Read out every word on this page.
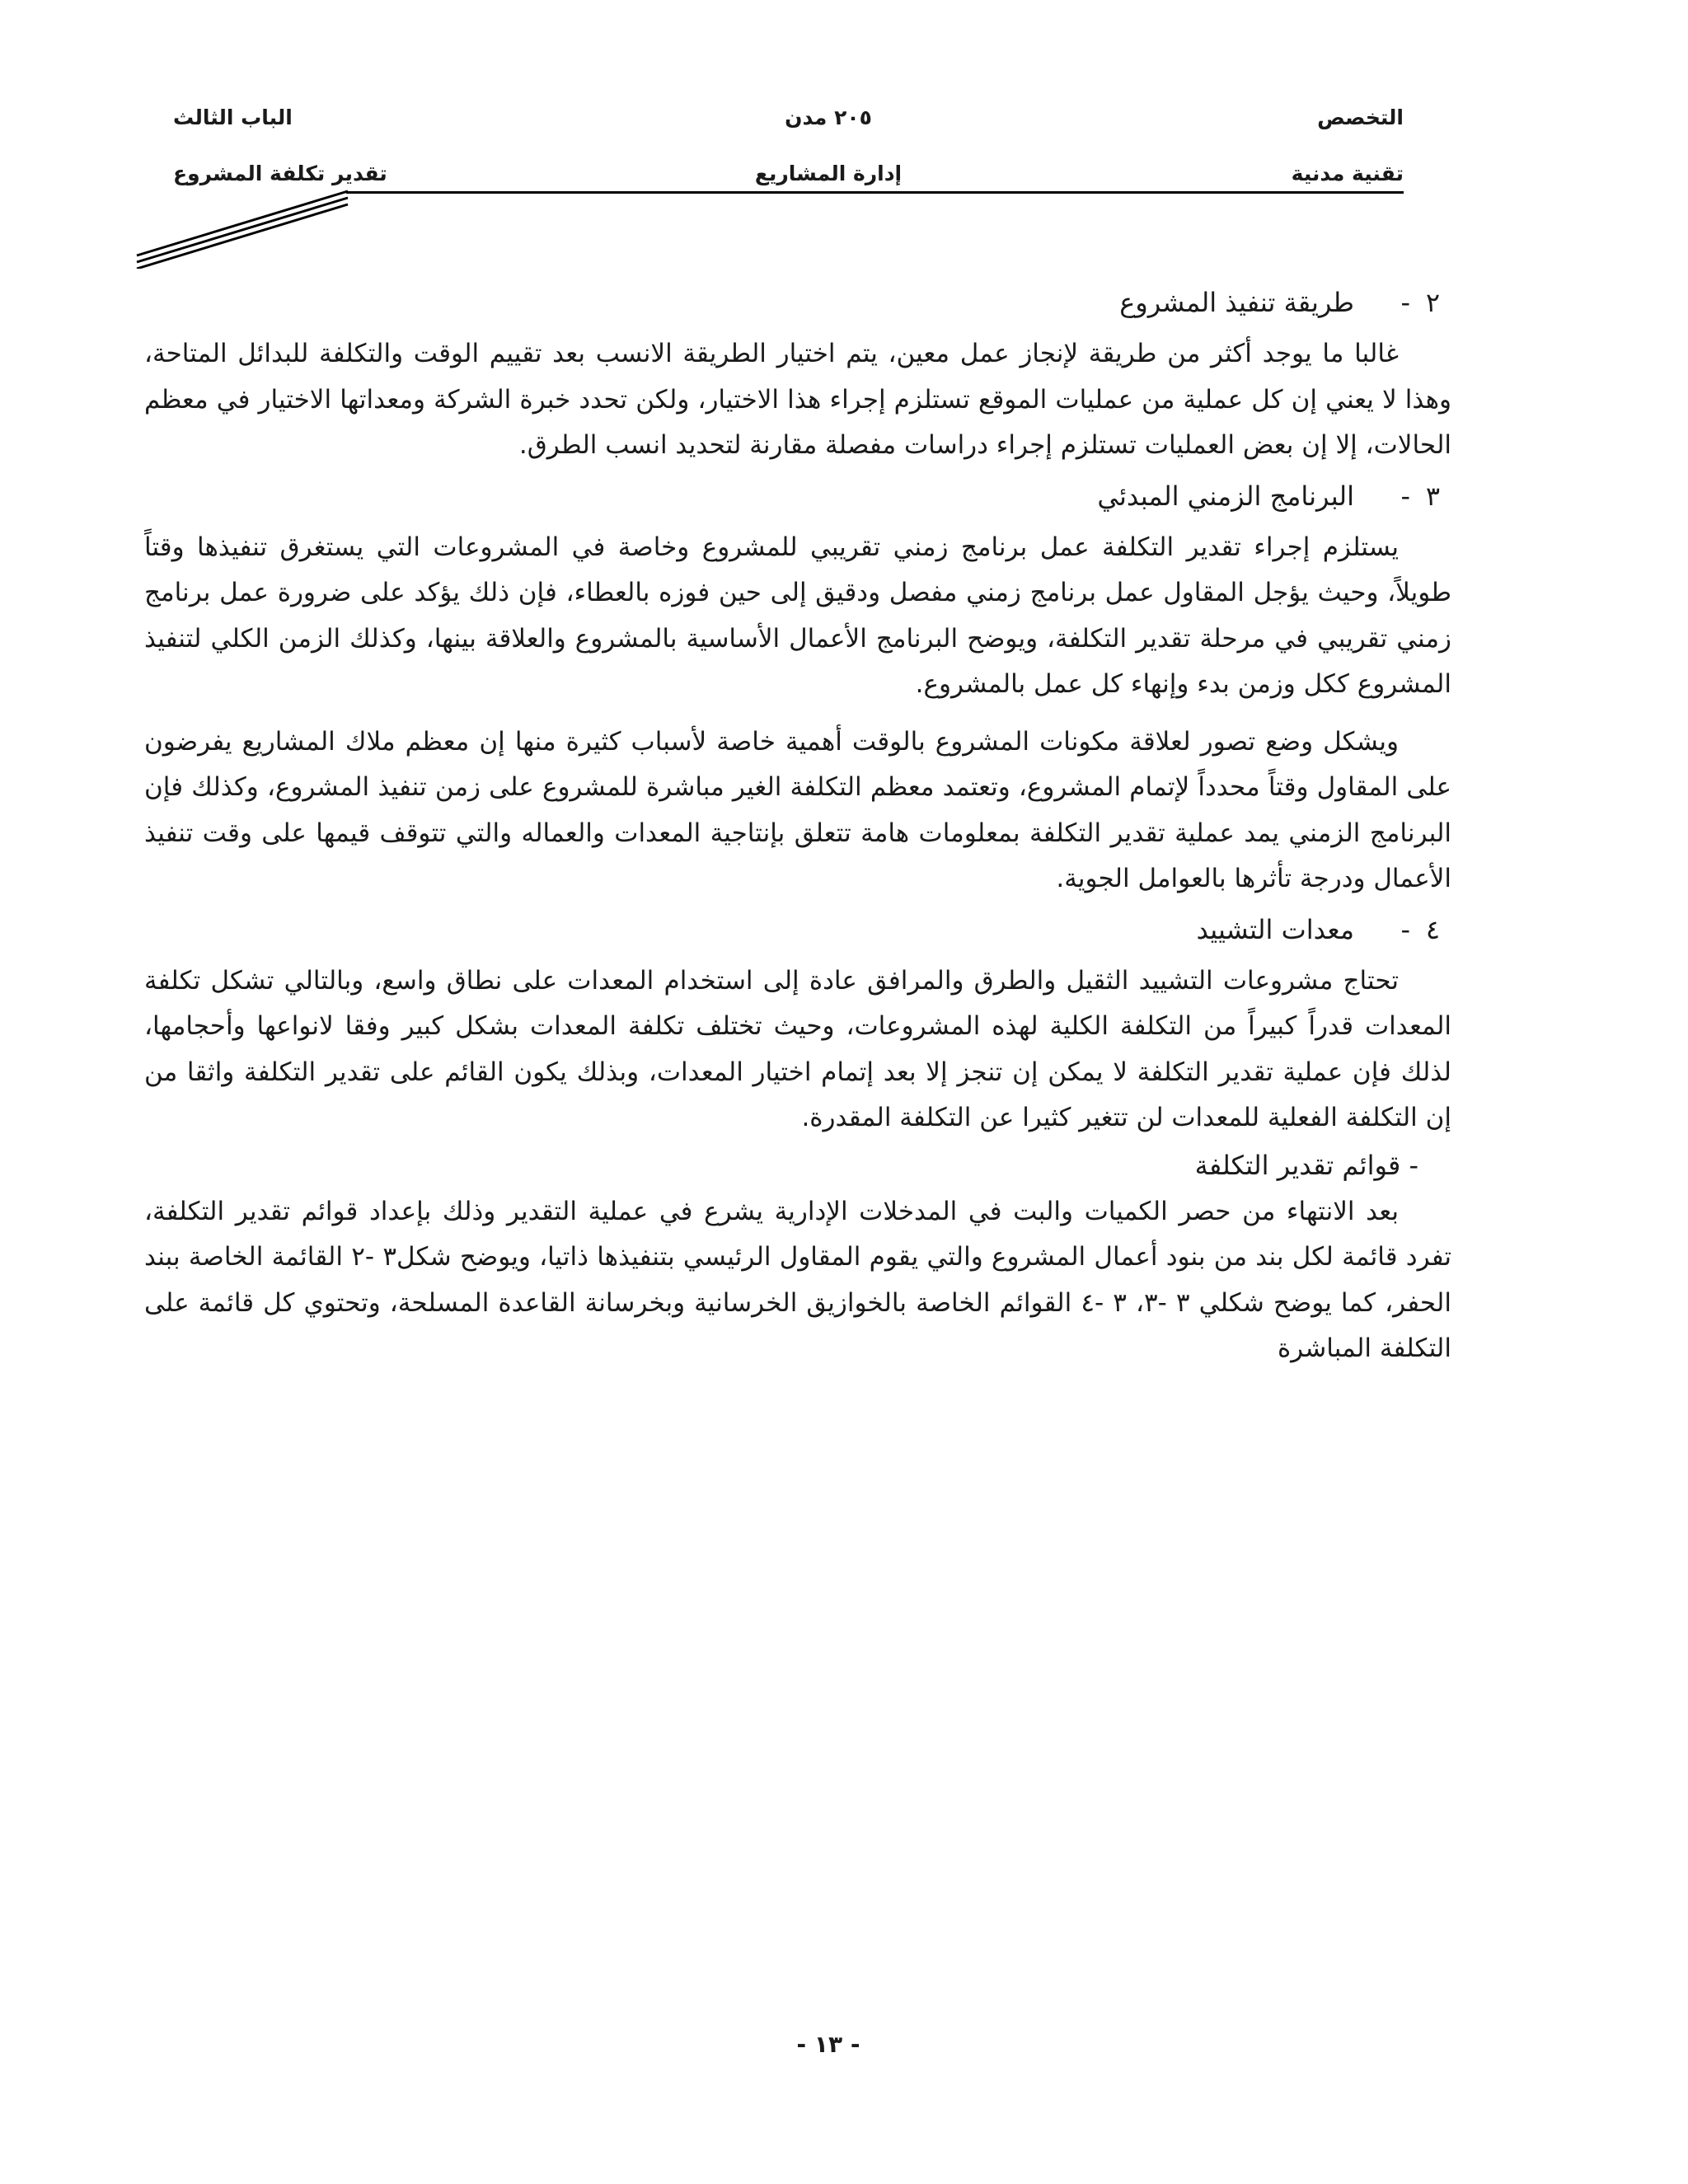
التخصص
٢٠٥ مدن
الباب الثالث
تقنية مدنية
إدارة المشاريع
تقدير تكلفة المشروع
٢
-
طريقة تنفيذ المشروع

غالبا ما يوجد أكثر من طريقة لإنجاز عمل معين، يتم اختيار الطريقة الانسب بعد تقييم الوقت والتكلفة للبدائل المتاحة، وهذا لا يعني إن كل عملية من عمليات الموقع تستلزم إجراء هذا الاختيار، ولكن تحدد خبرة الشركة ومعداتها الاختيار في معظم الحالات، إلا إن بعض العمليات تستلزم إجراء دراسات مفصلة مقارنة لتحديد انسب الطرق.

٣
-
البرنامج الزمني المبدئي

يستلزم إجراء تقدير التكلفة عمل برنامج زمني تقريبي للمشروع وخاصة في المشروعات التي يستغرق تنفيذها وقتاً طويلاً، وحيث يؤجل المقاول عمل برنامج زمني مفصل ودقيق إلى حين فوزه بالعطاء، فإن ذلك يؤكد على ضرورة عمل برنامج زمني تقريبي في مرحلة تقدير التكلفة، ويوضح البرنامج الأعمال الأساسية بالمشروع والعلاقة بينها، وكذلك الزمن الكلي لتنفيذ المشروع ككل وزمن بدء وإنهاء كل عمل بالمشروع.

ويشكل وضع تصور لعلاقة مكونات المشروع بالوقت أهمية خاصة لأسباب كثيرة منها إن معظم ملاك المشاريع يفرضون على المقاول وقتاً محدداً لإتمام المشروع، وتعتمد معظم التكلفة الغير مباشرة للمشروع على زمن تنفيذ المشروع، وكذلك فإن البرنامج الزمني يمد عملية تقدير التكلفة بمعلومات هامة تتعلق بإنتاجية المعدات والعماله والتي تتوقف قيمها على وقت تنفيذ الأعمال ودرجة تأثرها بالعوامل الجوية.

٤
-
معدات التشييد

تحتاج مشروعات التشييد الثقيل والطرق والمرافق عادة إلى استخدام المعدات على نطاق واسع، وبالتالي تشكل تكلفة المعدات قدراً كبيراً من التكلفة الكلية لهذه المشروعات، وحيث تختلف تكلفة المعدات بشكل كبير وفقا لانواعها وأحجامها، لذلك فإن عملية تقدير التكلفة لا يمكن إن تنجز إلا بعد إتمام اختيار المعدات، وبذلك يكون القائم على تقدير التكلفة واثقا من إن التكلفة الفعلية للمعدات لن تتغير كثيرا عن التكلفة المقدرة.

- قوائم تقدير التكلفة

بعد الانتهاء من حصر الكميات والبت في المدخلات الإدارية يشرع في عملية التقدير وذلك بإعداد قوائم تقدير التكلفة، تفرد قائمة لكل بند من بنود أعمال المشروع والتي يقوم المقاول الرئيسي بتنفيذها ذاتيا، ويوضح شكل٣ -٢ القائمة الخاصة ببند الحفر، كما يوضح شكلي ٣ -٣، ٣ -٤ القوائم الخاصة بالخوازيق الخرسانية وبخرسانة القاعدة المسلحة، وتحتوي كل قائمة على التكلفة المباشرة

- ١٣ -
